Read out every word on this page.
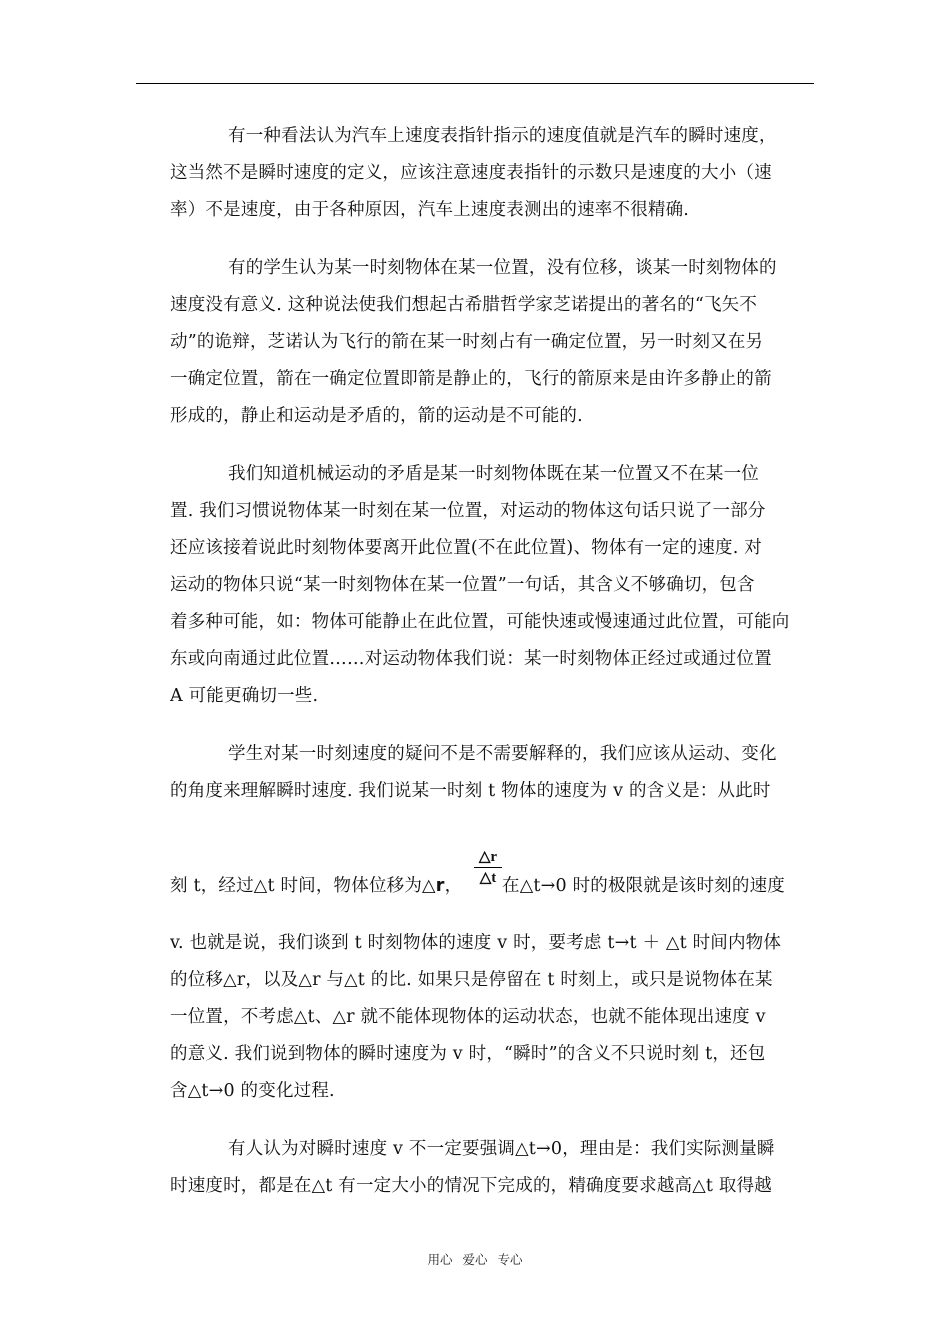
有一种看法认为汽车上速度表指针指示的速度值就是汽车的瞬时速度，
这当然不是瞬时速度的定义，应该注意速度表指针的示数只是速度的大小（速
率）不是速度，由于各种原因，汽车上速度表测出的速率不很精确.
有的学生认为某一时刻物体在某一位置，没有位移，谈某一时刻物体的
速度没有意义. 这种说法使我们想起古希腊哲学家芝诺提出的著名的“飞矢不
动”的诡辩，芝诺认为飞行的箭在某一时刻占有一确定位置，另一时刻又在另
一确定位置，箭在一确定位置即箭是静止的，飞行的箭原来是由许多静止的箭
形成的，静止和运动是矛盾的，箭的运动是不可能的.
我们知道机械运动的矛盾是某一时刻物体既在某一位置又不在某一位
置. 我们习惯说物体某一时刻在某一位置，对运动的物体这句话只说了一部分
还应该接着说此时刻物体要离开此位置(不在此位置)、物体有一定的速度. 对
运动的物体只说“某一时刻物体在某一位置”一句话，其含义不够确切，包含
着多种可能，如：物体可能静止在此位置，可能快速或慢速通过此位置，可能向
东或向南通过此位置……对运动物体我们说：某一时刻物体正经过或通过位置
A 可能更确切一些.
学生对某一时刻速度的疑问不是不需要解释的，我们应该从运动、变化
的角度来理解瞬时速度. 我们说某一时刻 t 物体的速度为 v 的含义是：从此时
△r
△t
刻 t，经过△t 时间，物体位移为△r， 在△t→0 时的极限就是该时刻的速度
v. 也就是说，我们谈到 t 时刻物体的速度 v 时，要考虑 t→t ＋ △t 时间内物体
的位移△r，以及△r 与△t 的比. 如果只是停留在 t 时刻上，或只是说物体在某
一位置，不考虑△t、△r 就不能体现物体的运动状态，也就不能体现出速度 v
的意义. 我们说到物体的瞬时速度为 v 时，“瞬时”的含义不只说时刻 t，还包
含△t→0 的变化过程.
有人认为对瞬时速度 v 不一定要强调△t→0，理由是：我们实际测量瞬
时速度时，都是在△t 有一定大小的情况下完成的，精确度要求越高△t 取得越
用心 爱心 专心
